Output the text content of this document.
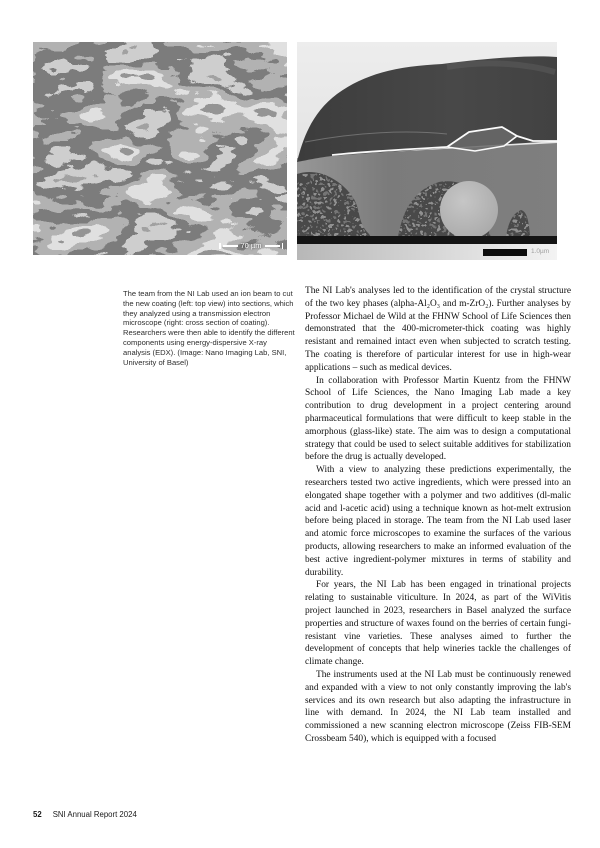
70 µm
1.0µm
The team from the NI Lab used an ion beam to cut the new coating (left: top view) into sections, which they analyzed using a transmission electron microscope (right: cross section of coating). Researchers were then able to identify the different components using energy-dispersive X-ray analysis (EDX). (Image: Nano Imaging Lab, SNI, University of Basel)

The NI Lab's analyses led to the identification of the crystal structure of the two key phases (alpha-Al₂O₃ and m-ZrO₂). Further analyses by Professor Michael de Wild at the FHNW School of Life Sciences then demonstrated that the 400-micrometer-thick coating was highly resistant and remained intact even when subjected to scratch testing. The coating is therefore of particular interest for use in high-wear applications – such as medical devices.

In collaboration with Professor Martin Kuentz from the FHNW School of Life Sciences, the Nano Imaging Lab made a key contribution to drug development in a project centering around pharmaceutical formulations that were difficult to keep stable in the amorphous (glass-like) state. The aim was to design a computational strategy that could be used to select suitable additives for stabilization before the drug is actually developed.

With a view to analyzing these predictions experimentally, the researchers tested two active ingredients, which were pressed into an elongated shape together with a polymer and two additives (dl-malic acid and l-acetic acid) using a technique known as hot-melt extrusion before being placed in storage. The team from the NI Lab used laser and atomic force microscopes to examine the surfaces of the various products, allowing researchers to make an informed evaluation of the best active ingredient-polymer mixtures in terms of stability and durability.

For years, the NI Lab has been engaged in trinational projects relating to sustainable viticulture. In 2024, as part of the WiVitis project launched in 2023, researchers in Basel analyzed the surface properties and structure of waxes found on the berries of certain fungi-resistant vine varieties. These analyses aimed to further the development of concepts that help wineries tackle the challenges of climate change.

The instruments used at the NI Lab must be continuously renewed and expanded with a view to not only constantly improving the lab's services and its own research but also adapting the infrastructure in line with demand. In 2024, the NI Lab team installed and commissioned a new scanning electron microscope (Zeiss FIB-SEM Crossbeam 540), which is equipped with a focused

52 SNI Annual Report 2024
